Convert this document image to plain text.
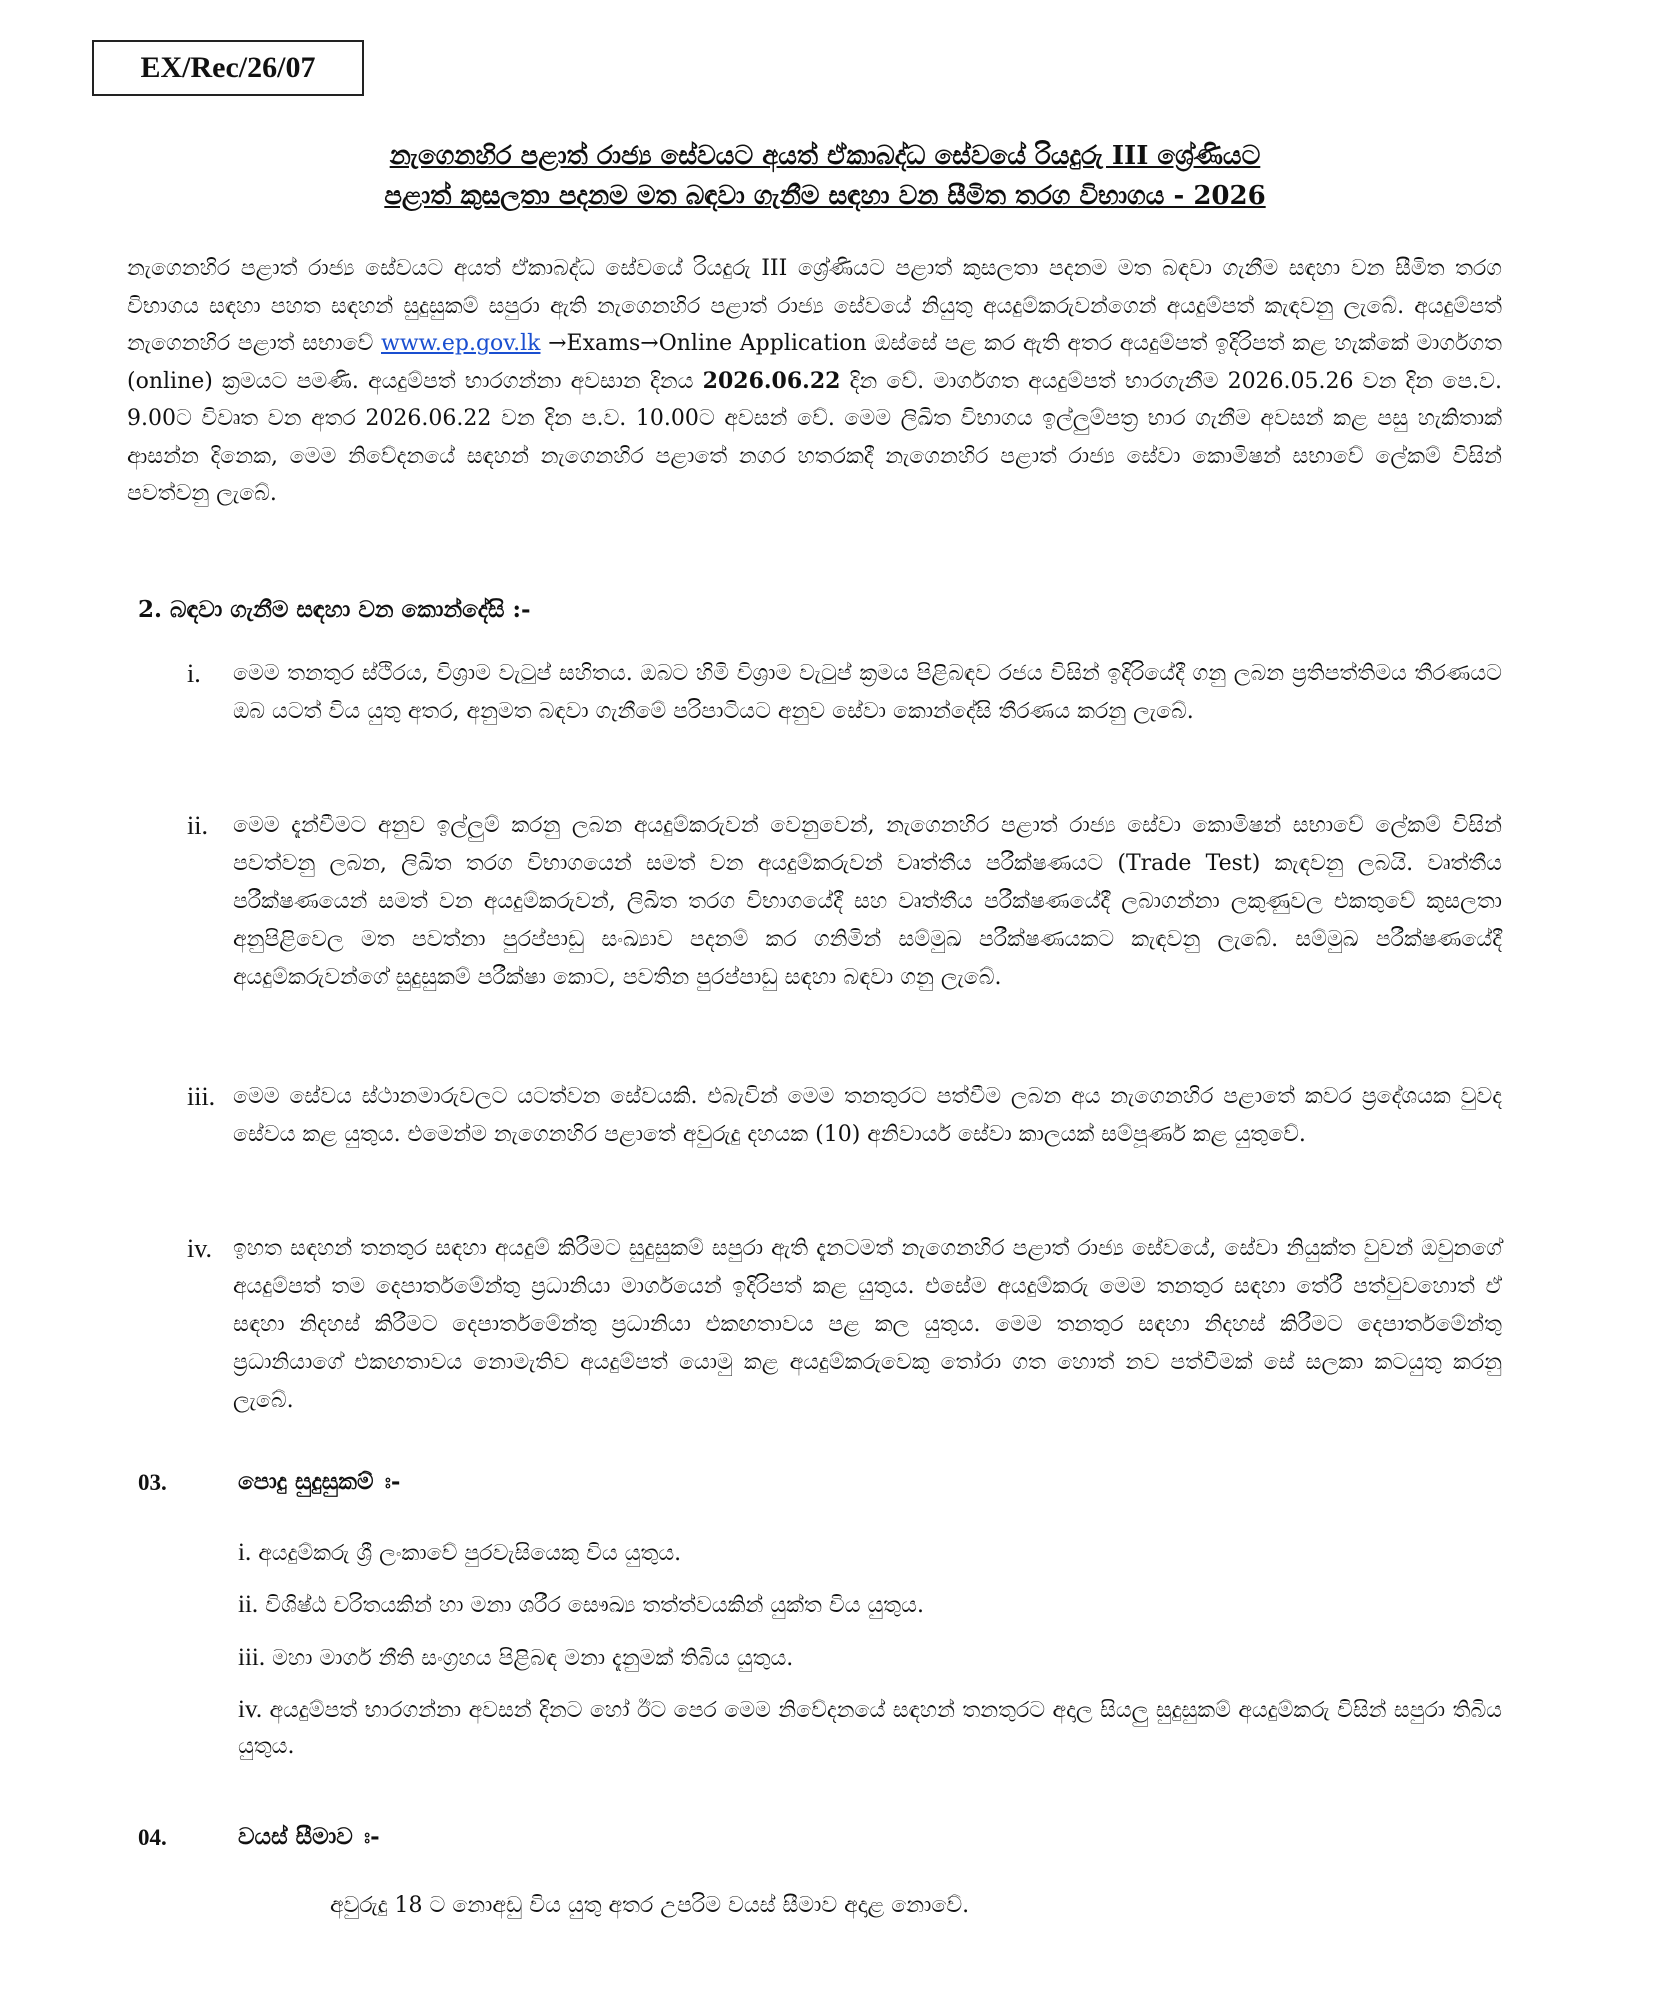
EX/Rec/26/07
නැගෙනහිර පළාත් රාජ්‍ය සේවයට අයත් ඒකාබද්ධ සේවයේ රියදුරු III ශ්‍රේණියට
පළාත් කුසලතා පදනම මත බඳවා ගැනීම සඳහා වන සීමිත තරග විභාගය - 2026
නැගෙනහිර පළාත් රාජ්‍ය සේවයට අයත් ඒකාබද්ධ සේවයේ රියදුරු III ශ්‍රේණියට පළාත් කුසලතා පදනම මත බඳවා ගැනීම සඳහා වන සීමිත තරග විභාගය සඳහා පහත සඳහන් සුදුසුකම් සපුරා ඇති නැගෙනහිර පළාත් රාජ්‍ය සේවයේ නියුතු අයදුම්කරුවන්ගෙන් අයදුම්පත් කැඳවනු ලැබේ. අයදුම්පත් නැගෙනහිර පළාත් සභාවේ www.ep.gov.lk →Exams→Online Application ඔස්සේ පළ කර ඇති අතර අයදුම්පත් ඉදිරිපත් කළ හැක්කේ මාර්ගගත (online) ක්‍රමයට පමණි. අයදුම්පත් භාරගන්නා අවසාන දිනය 2026.06.22 දින වේ. මාර්ගගත අයදුම්පත් භාරගැනීම 2026.05.26 වන දින පෙ.ව. 9.00ට විවෘත වන අතර 2026.06.22 වන දින ප.ව. 10.00ට අවසන් වේ. මෙම ලිඛිත විභාගය ඉල්ලුම්පත්‍ර භාර ගැනීම අවසන් කළ පසු හැකිතාක් ආසන්න දිනෙක, මෙම නිවේදනයේ සඳහන් නැගෙනහිර පළාතේ නගර හතරකදී නැගෙනහිර පළාත් රාජ්‍ය සේවා කොමිෂන් සභාවේ ලේකම් විසින් පවත්වනු ලැබේ.
2. බඳවා ගැනීම සඳහා වන කොන්දේසි :-
i.	මෙම තනතුර ස්ථිරය, විශ්‍රාම වැටුප් සහිතය. ඔබට හිමි විශ්‍රාම වැටුප් ක්‍රමය පිළිබඳව රජය විසින් ඉදිරියේදී ගනු ලබන ප්‍රතිපත්තිමය තීරණයට ඔබ යටත් විය යුතු අතර, අනුමත බඳවා ගැනීමේ පරිපාටියට අනුව සේවා කොන්දේසි තීරණය කරනු ලැබේ.
ii.	මෙම දැන්වීමට අනුව ඉල්ලුම් කරනු ලබන අයදුම්කරුවන් වෙනුවෙන්, නැගෙනහිර පළාත් රාජ්‍ය සේවා කොමිෂන් සභාවේ ලේකම් විසින් පවත්වනු ලබන, ලිඛිත තරග විභාගයෙන් සමත් වන අයදුම්කරුවන් වෘත්තීය පරීක්ෂණයට (Trade Test) කැඳවනු ලබයි. වෘත්තීය පරීක්ෂණයෙන් සමත් වන අයදුම්කරුවන්, ලිඛිත තරග විභාගයේදී සහ වෘත්තීය පරීක්ෂණයේදී ලබාගන්නා ලකුණුවල එකතුවේ කුසලතා අනුපිළිවෙල මත පවත්නා පුරප්පාඩු සංඛ්‍යාව පදනම් කර ගනිමින් සම්මුඛ පරීක්ෂණයකට කැඳවනු ලැබේ. සම්මුඛ පරීක්ෂණයේදී අයදුම්කරුවන්ගේ සුදුසුකම් පරීක්ෂා කොට, පවතින පුරප්පාඩු සඳහා බඳවා ගනු ලැබේ.
iii. මෙම සේවය ස්ථානමාරුවලට යටත්වන සේවයකි. එබැවින් මෙම තනතුරට පත්වීම ලබන අය නැගෙනහිර පළාතේ කවර ප්‍රදේශයක වුවද සේවය කළ යුතුය. එමෙන්ම නැගෙනහිර පළාතේ අවුරුදු දහයක (10) අනිවාර්ය සේවා කාලයක් සම්පූර්ණ කළ යුතුවේ.
iv. ඉහත සඳහන් තනතුර සඳහා අයදුම් කිරීමට සුදුසුකම් සපුරා ඇති දැනටමත් නැගෙනහිර පළාත් රාජ්‍ය සේවයේ, සේවා නියුක්ත වුවන් ඔවුනගේ අයදුම්පත් තම දෙපාර්තමේන්තු ප්‍රධානියා මාර්ගයෙන් ඉදිරිපත් කළ යුතුය. එසේම අයදුම්කරු මෙම තනතුර සඳහා තේරී පත්වුවහොත් ඒ සඳහා නිදහස් කිරීමට දෙපාර්තමේන්තු ප්‍රධානියා එකඟතාවය පළ කල යුතුය. මෙම තනතුර සඳහා නිදහස් කිරීමට දෙපාර්තමේන්තු ප්‍රධානියාගේ එකඟතාවය නොමැතිව අයදුම්පත් යොමු කළ අයදුම්කරුවෙකු තෝරා ගත හොත් නව පත්වීමක් සේ සලකා කටයුතු කරනු ලැබේ.
03.	පොදු සුදුසුකම් ඃ-
i. අයදුම්කරු ශ්‍රී ලංකාවේ පුරවැසියෙකු විය යුතුය.
ii. විශිෂ්ඨ චරිතයකින් හා මනා ශරීර සෞඛ්‍ය තත්ත්වයකින් යුක්ත විය යුතුය.
iii. මහා මාර්ග නීති සංග්‍රහය පිළිබඳ මනා දැනුමක් තිබිය යුතුය.
iv. අයදුම්පත් භාරගන්නා අවසන් දිනට හෝ ඊට පෙර මෙම නිවේදනයේ සඳහන් තනතුරට අදාල සියලු සුදුසුකම් අයදුම්කරු විසින් සපුරා තිබිය යුතුය.
04.	වයස් සීමාව ඃ-
අවුරුදු 18 ට නොඅඩු විය යුතු අතර උපරිම වයස් සීමාව අදාළ නොවේ.
